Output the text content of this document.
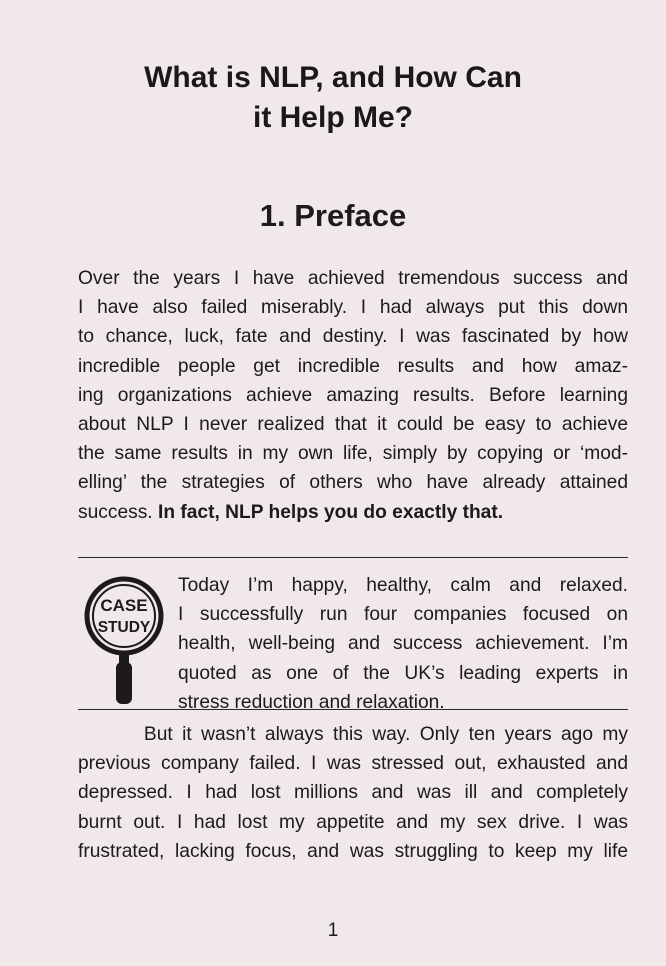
What is NLP, and How Can
it Help Me?
1. Preface
Over the years I have achieved tremendous success and
I have also failed miserably. I had always put this down
to chance, luck, fate and destiny. I was fascinated by how
incredible people get incredible results and how amaz-
ing organizations achieve amazing results. Before learning
about NLP I never realized that it could be easy to achieve
the same results in my own life, simply by copying or ‘mod-
elling’ the strategies of others who have already attained
success. In fact, NLP helps you do exactly that.
CASE
STUDY
Today I’m happy, healthy, calm and relaxed.
I successfully run four companies focused on
health, well-being and success achievement. I’m
quoted as one of the UK’s leading experts in
stress reduction and relaxation.
But it wasn’t always this way. Only ten years ago my
previous company failed. I was stressed out, exhausted and
depressed. I had lost millions and was ill and completely
burnt out. I had lost my appetite and my sex drive. I was
frustrated, lacking focus, and was struggling to keep my life
1
